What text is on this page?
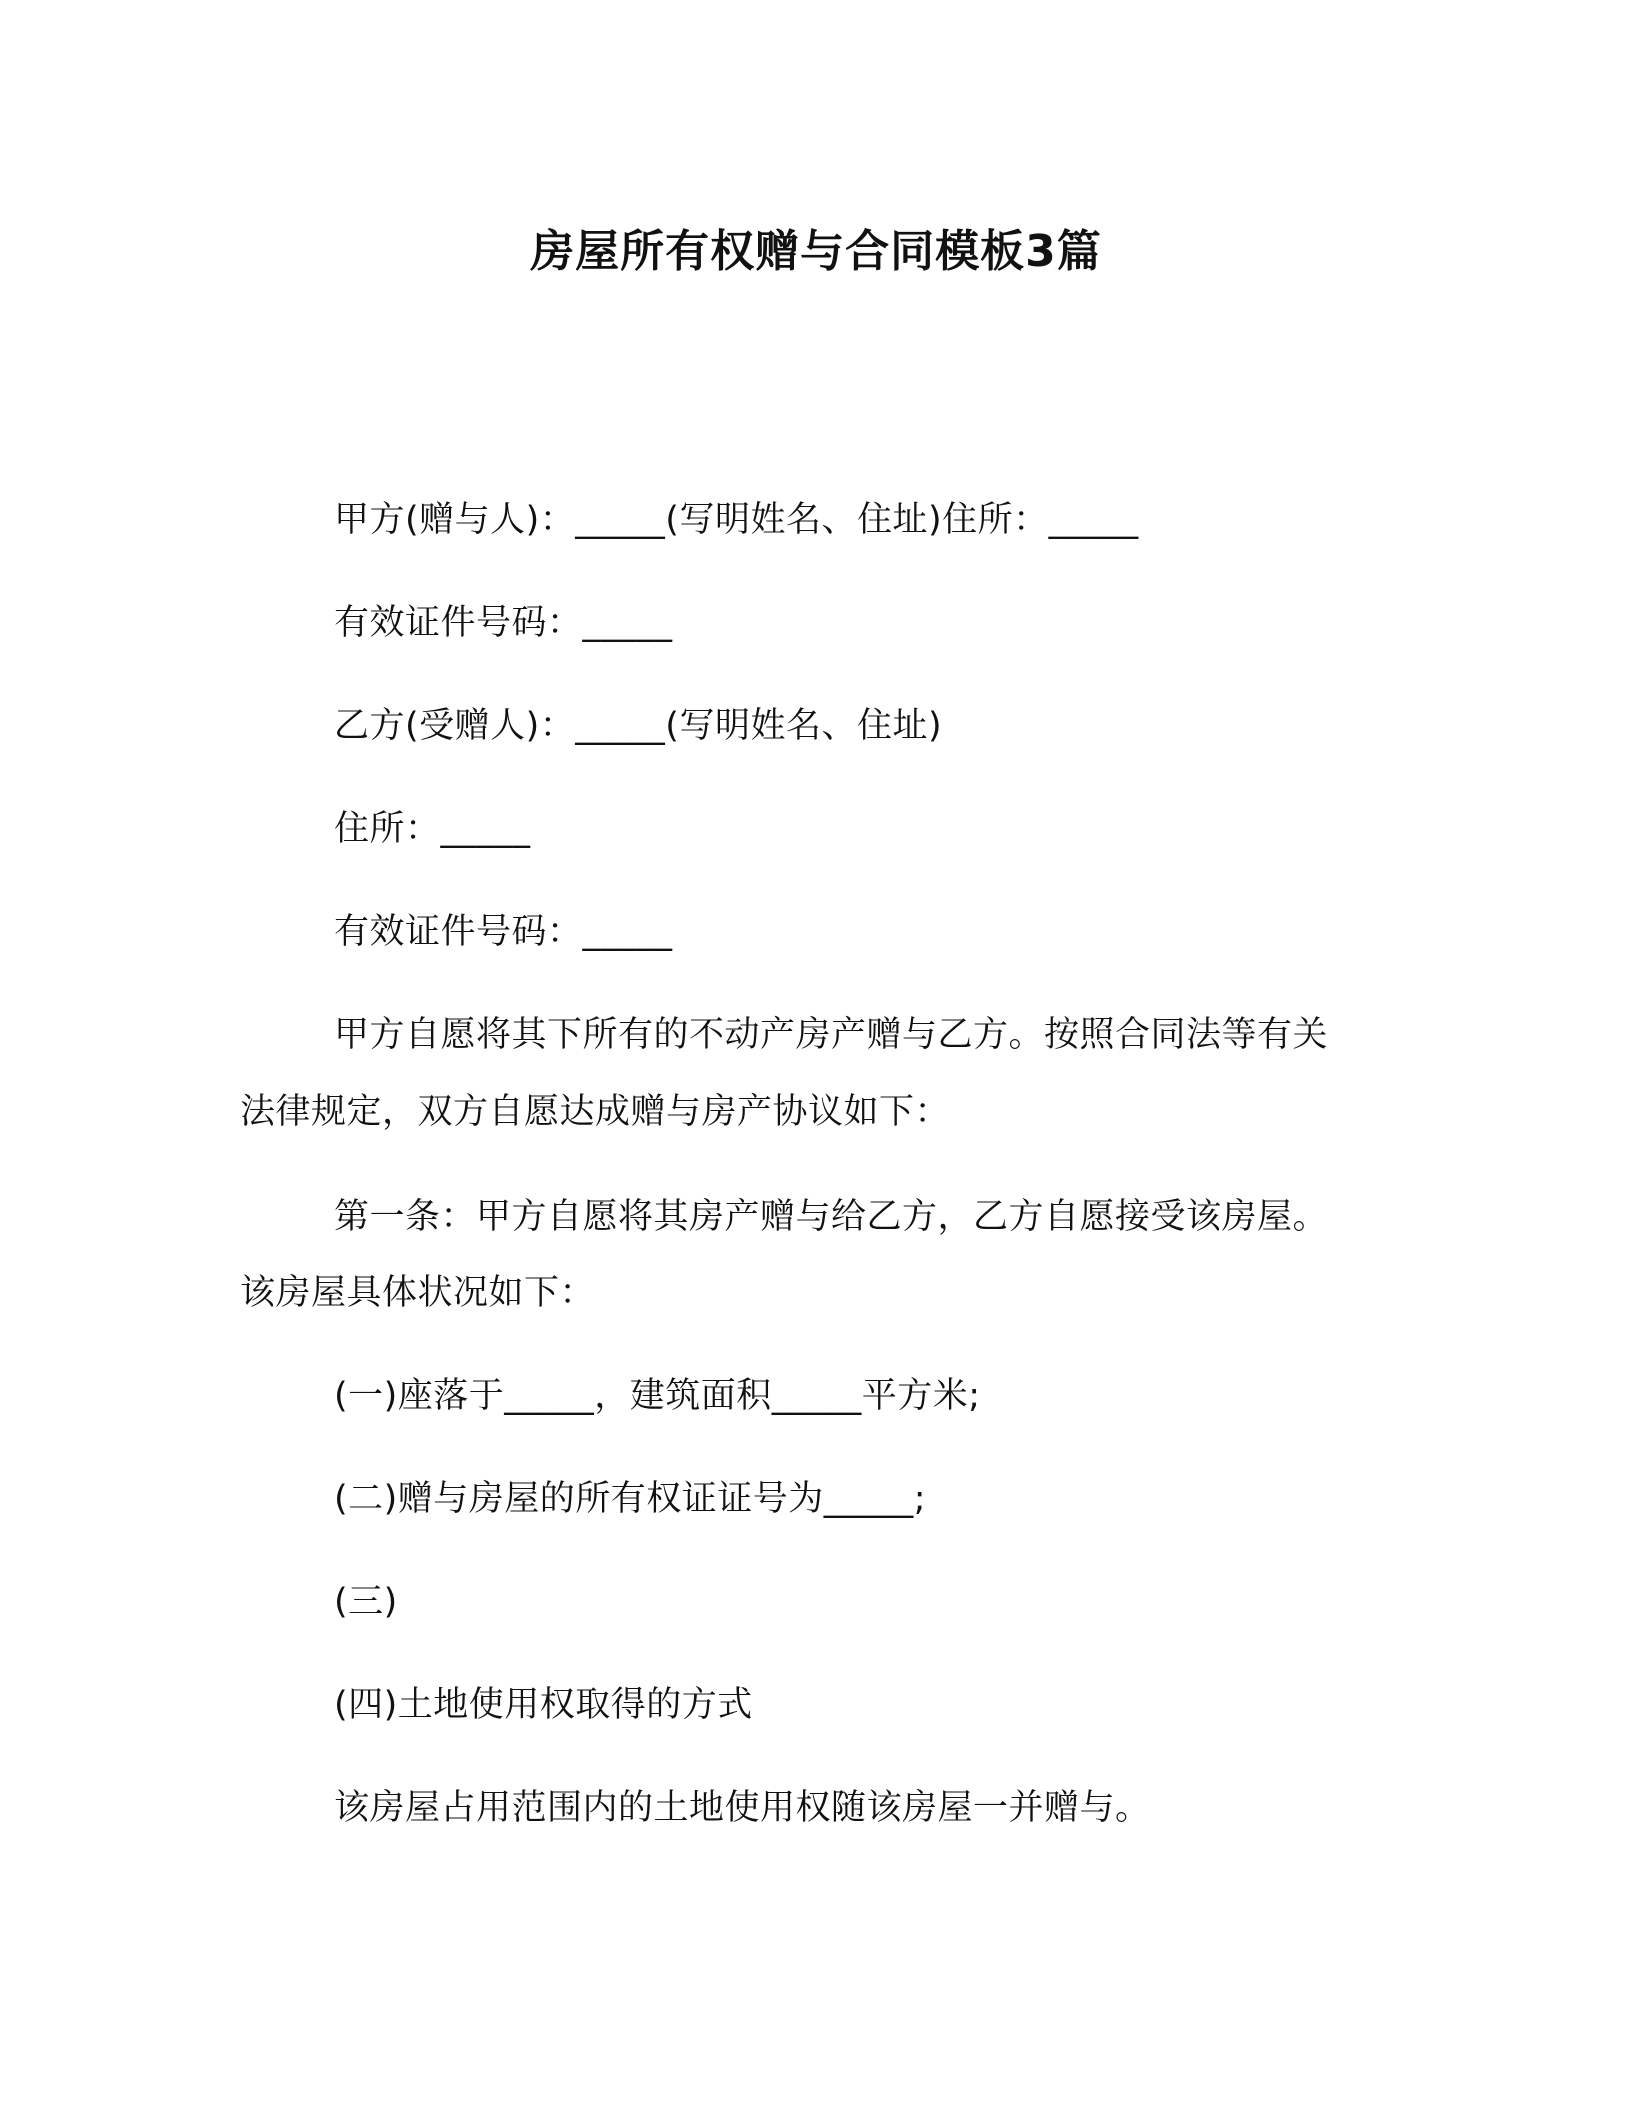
房屋所有权赠与合同模板3篇
甲方(赠与人)：_____(写明姓名、住址)住所：_____
有效证件号码：_____
乙方(受赠人)：_____(写明姓名、住址)
住所：_____
有效证件号码：_____
甲方自愿将其下所有的不动产房产赠与乙方。按照合同法等有关
法律规定，双方自愿达成赠与房产协议如下：
第一条：甲方自愿将其房产赠与给乙方，乙方自愿接受该房屋。
该房屋具体状况如下：
(一)座落于_____，建筑面积_____平方米;
(二)赠与房屋的所有权证证号为_____;
(三)
(四)土地使用权取得的方式
该房屋占用范围内的土地使用权随该房屋一并赠与。
